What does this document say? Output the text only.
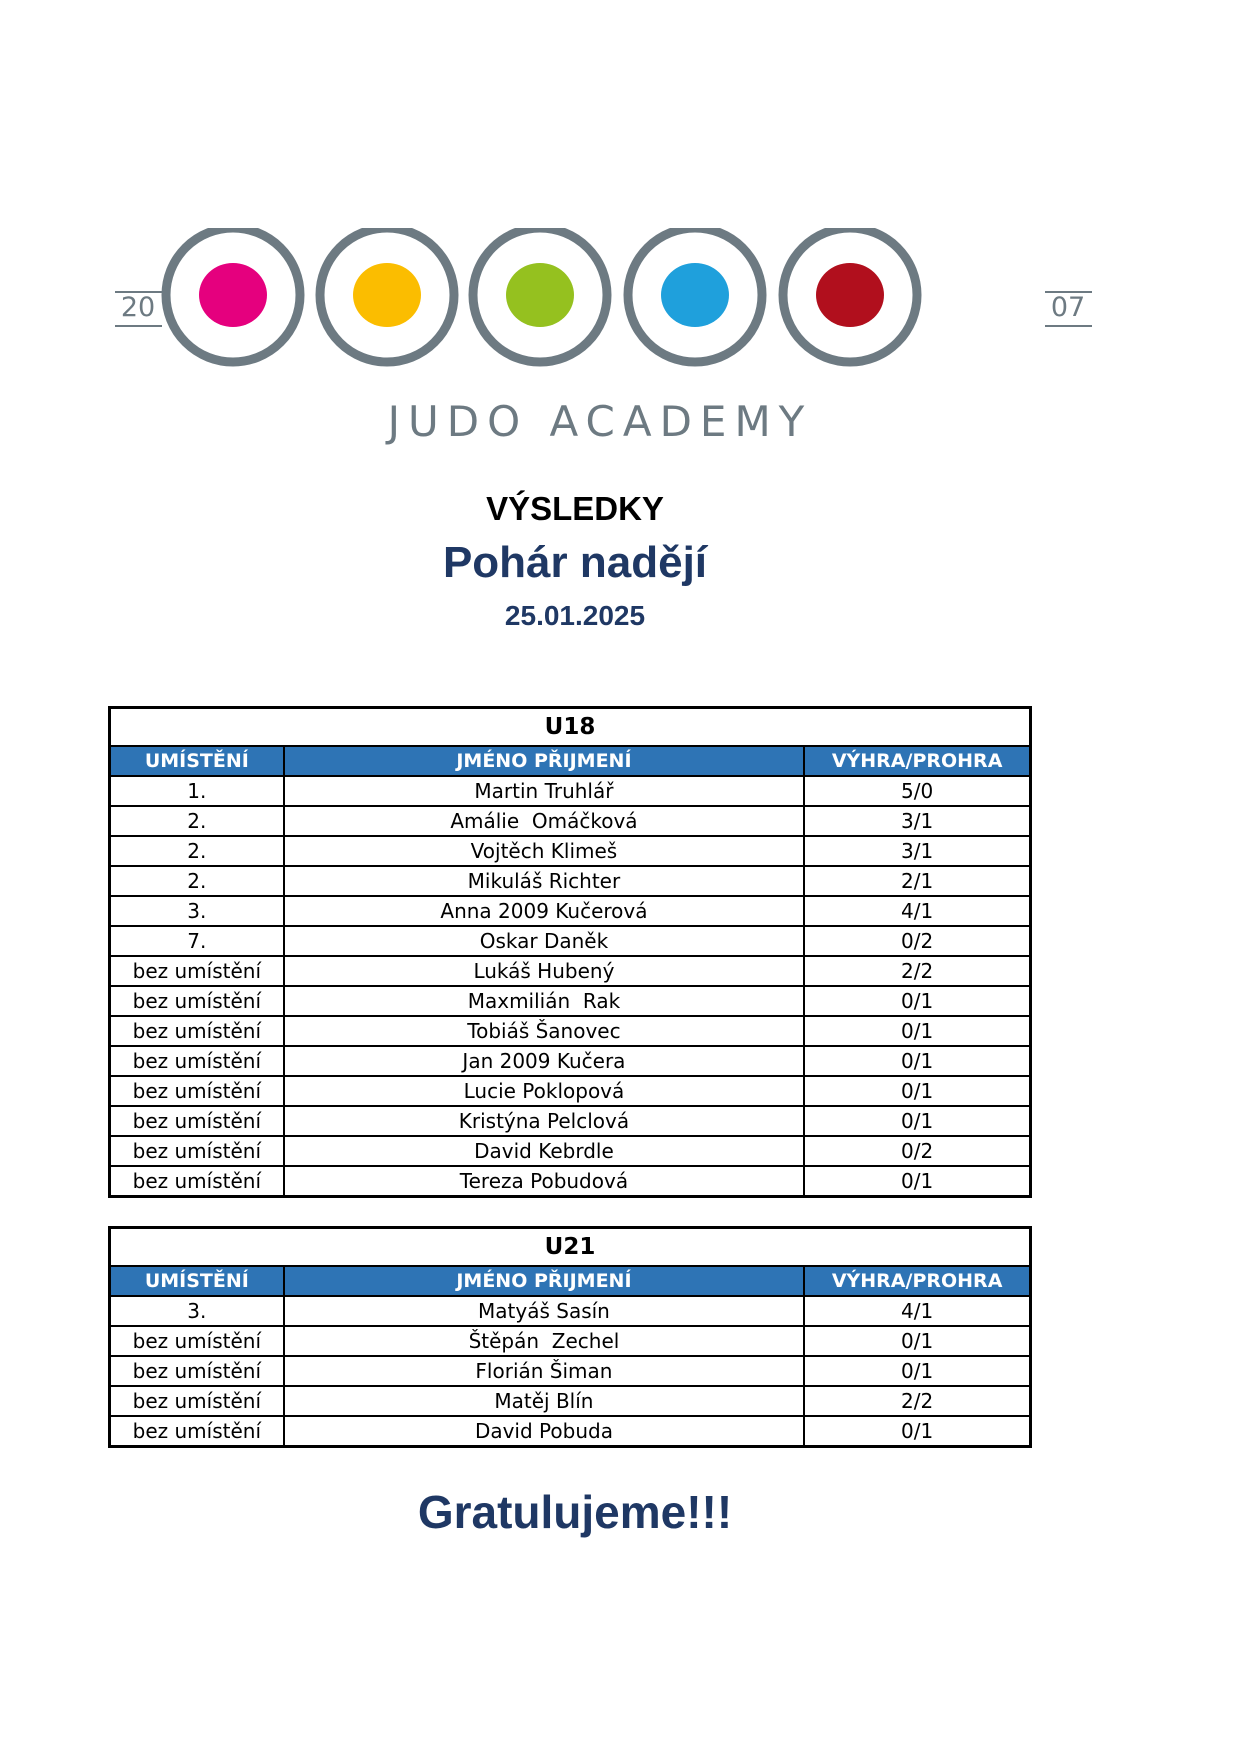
20	07
JUDO ACADEMY
VÝSLEDKY
Pohár nadějí
25.01.2025
U18		
UMÍSTĚNÍ	JMÉNO PŘIJMENÍ	VÝHRA/PROHRA
1.	Martin Truhlář	5/0
2.	Amálie  Omáčková	3/1
2.	Vojtěch Klimeš	3/1
2.	Mikuláš Richter	2/1
3.	Anna 2009 Kučerová	4/1
7.	Oskar Daněk	0/2
bez umístění	Lukáš Hubený	2/2
bez umístění	Maxmilián  Rak	0/1
bez umístění	Tobiáš Šanovec	0/1
bez umístění	Jan 2009 Kučera	0/1
bez umístění	Lucie Poklopová	0/1
bez umístění	Kristýna Pelclová	0/1
bez umístění	David Kebrdle	0/2
bez umístění	Tereza Pobudová	0/1
U21		
UMÍSTĚNÍ	JMÉNO PŘIJMENÍ	VÝHRA/PROHRA
3.	Matyáš Sasín	4/1
bez umístění	Štěpán  Zechel	0/1
bez umístění	Florián Šiman	0/1
bez umístění	Matěj Blín	2/2
bez umístění	David Pobuda	0/1
Gratulujeme!!!
